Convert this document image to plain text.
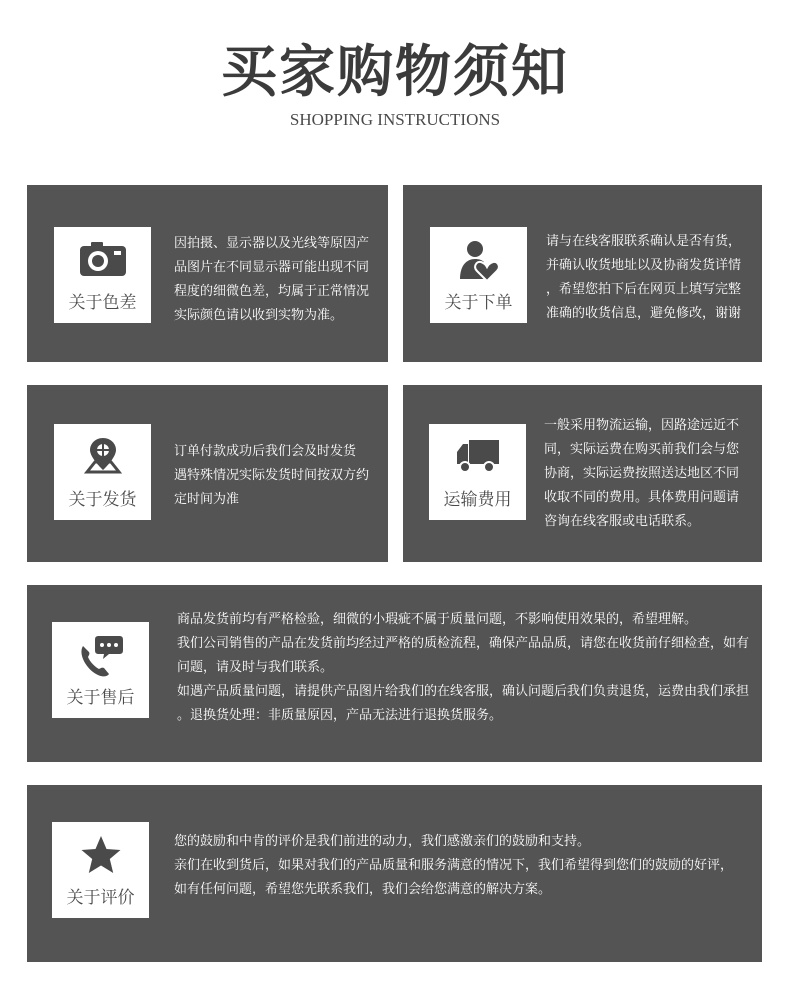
买家购物须知
SHOPPING INSTRUCTIONS
关于色差
因拍摄、显示器以及光线等原因产
品图片在不同显示器可能出现不同
程度的细微色差，均属于正常情况
实际颜色请以收到实物为准。
关于下单
请与在线客服联系确认是否有货，
并确认收货地址以及协商发货详情
，希望您拍下后在网页上填写完整
准确的收货信息，避免修改，谢谢
关于发货
订单付款成功后我们会及时发货
遇特殊情况实际发货时间按双方约
定时间为准	运输费用
一般采用物流运输，因路途远近不
同，实际运费在购买前我们会与您
协商，实际运费按照送达地区不同
收取不同的费用。具体费用问题请
咨询在线客服或电话联系。
关于售后
商品发货前均有严格检验，细微的小瑕疵不属于质量问题，不影响使用效果的，希望理解。
我们公司销售的产品在发货前均经过严格的质检流程，确保产品品质，请您在收货前仔细检查，如有
问题，请及时与我们联系。
如遇产品质量问题，请提供产品图片给我们的在线客服，确认问题后我们负责退货，运费由我们承担
。退换货处理：非质量原因，产品无法进行退换货服务。
关于评价
您的鼓励和中肯的评价是我们前进的动力，我们感激亲们的鼓励和支持。
亲们在收到货后，如果对我们的产品质量和服务满意的情况下，我们希望得到您们的鼓励的好评，
如有任何问题，希望您先联系我们，我们会给您满意的解决方案。
